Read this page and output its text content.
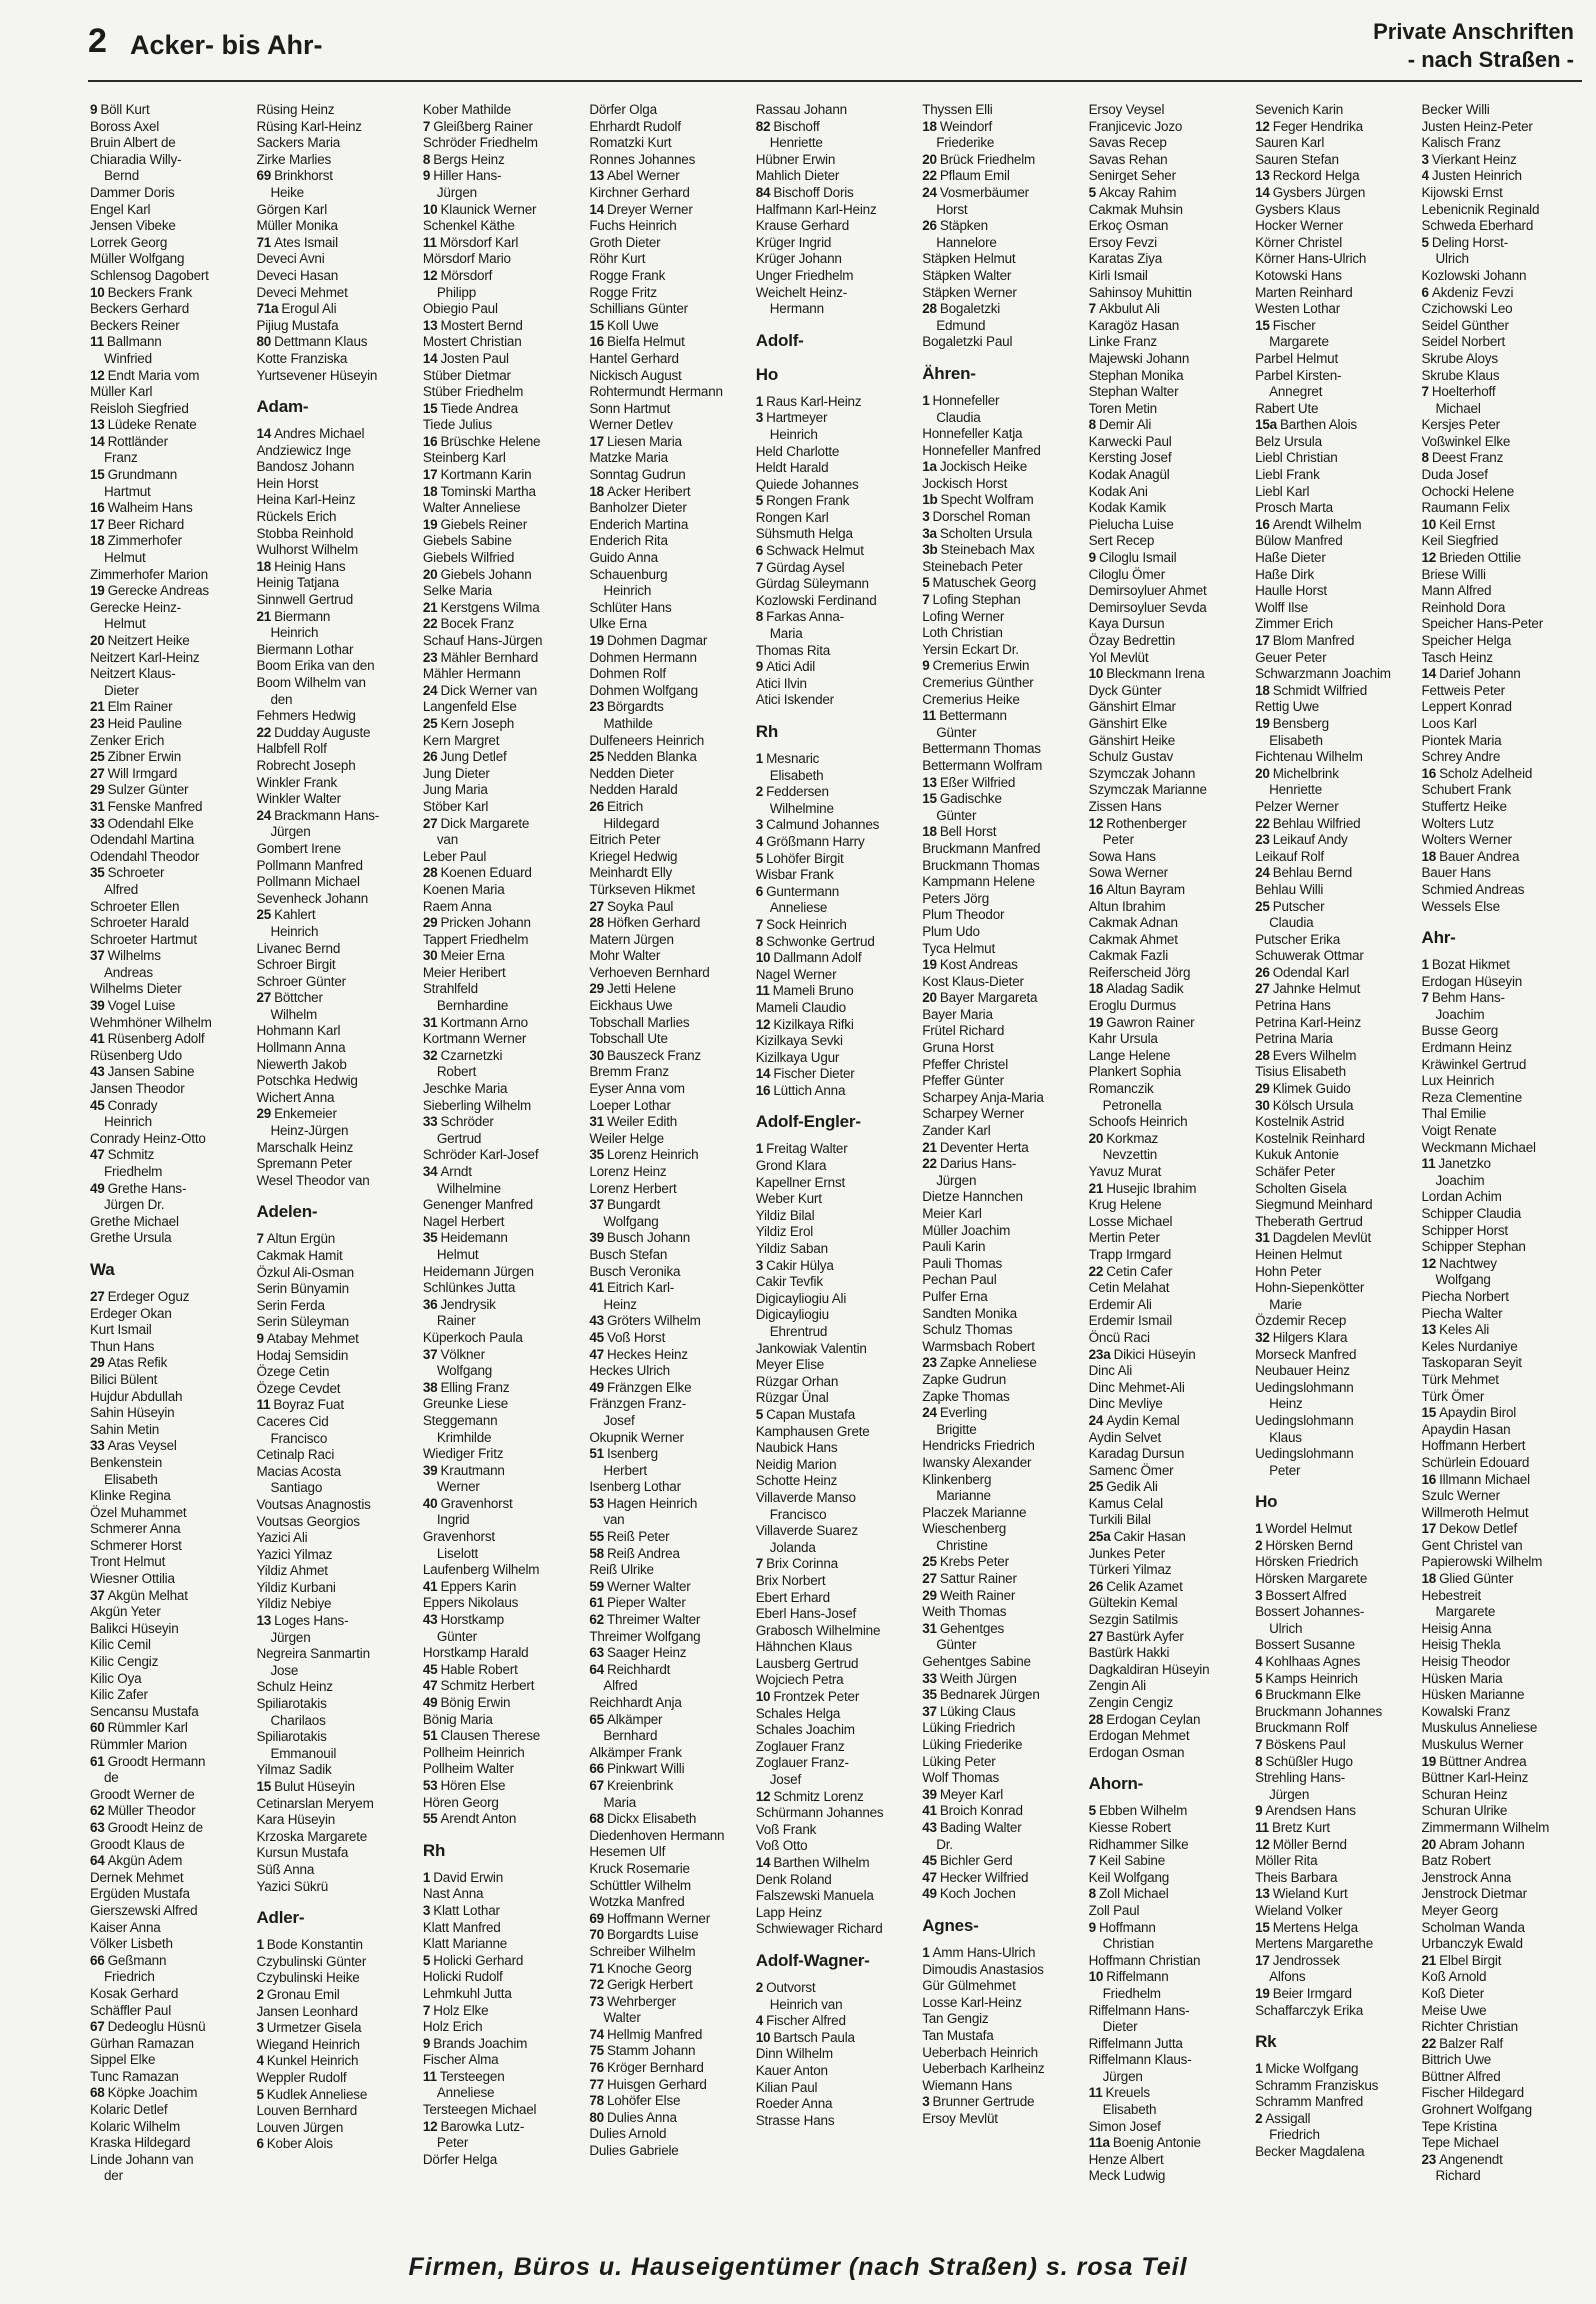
2 Acker- bis Ahr-	Private Anschriften
- nach Straßen -
9 Böll Kurt
Boross Axel
Bruin Albert de
Chiaradia Willy-
Bernd
Dammer Doris
Engel Karl
Jensen Vibeke
Lorrek Georg
Müller Wolfgang
Schlensog Dagobert
10 Beckers Frank
Beckers Gerhard
Beckers Reiner
11 Ballmann
Winfried
12 Endt Maria vom
Müller Karl
Reisloh Siegfried
13 Lüdeke Renate
14 Rottländer
Franz
15 Grundmann
Hartmut
16 Walheim Hans
17 Beer Richard
18 Zimmerhofer
Helmut
Zimmerhofer Marion
19 Gerecke Andreas
Gerecke Heinz-
Helmut
20 Neitzert Heike
Neitzert Karl-Heinz
Neitzert Klaus-
Dieter
21 Elm Rainer
23 Heid Pauline
Zenker Erich
25 Zibner Erwin
27 Will Irmgard
29 Sulzer Günter
31 Fenske Manfred
33 Odendahl Elke
Odendahl Martina
Odendahl Theodor
35 Schroeter
Alfred
Schroeter Ellen
Schroeter Harald
Schroeter Hartmut
37 Wilhelms
Andreas
Wilhelms Dieter
39 Vogel Luise
Wehmhöner Wilhelm
41 Rüsenberg Adolf
Rüsenberg Udo
43 Jansen Sabine
Jansen Theodor
45 Conrady
Heinrich
Conrady Heinz-Otto
47 Schmitz
Friedhelm
49 Grethe Hans-
Jürgen Dr.
Grethe Michael
Grethe Ursula
Wa
27 Erdeger Oguz
Erdeger Okan
Kurt Ismail
Thun Hans
29 Atas Refik
Bilici Bülent
Hujdur Abdullah
Sahin Hüseyin
Sahin Metin
33 Aras Veysel
Benkenstein
Elisabeth
Klinke Regina
Özel Muhammet
Schmerer Anna
Schmerer Horst
Tront Helmut
Wiesner Ottilia
37 Akgün Melhat
Akgün Yeter
Balikci Hüseyin
Kilic Cemil
Kilic Cengiz
Kilic Oya
Kilic Zafer
Sencansu Mustafa
60 Rümmler Karl
Rümmler Marion
61 Groodt Hermann
de
Groodt Werner de
62 Müller Theodor
63 Groodt Heinz de
Groodt Klaus de
64 Akgün Adem
Dernek Mehmet
Ergüden Mustafa
Gierszewski Alfred
Kaiser Anna
Völker Lisbeth
66 Geßmann
Friedrich
Kosak Gerhard
Schäffler Paul
67 Dedeoglu Hüsnü
Gürhan Ramazan
Sippel Elke
Tunc Ramazan
68 Köpke Joachim
Kolaric Detlef
Kolaric Wilhelm
Kraska Hildegard
Linde Johann van
der
Rüsing Heinz
Rüsing Karl-Heinz
Sackers Maria
Zirke Marlies
69 Brinkhorst
Heike
Görgen Karl
Müller Monika
71 Ates Ismail
Deveci Avni
Deveci Hasan
Deveci Mehmet
71a Erogul Ali
Pijiug Mustafa
80 Dettmann Klaus
Kotte Franziska
Yurtsevener Hüseyin
Adam-
14 Andres Michael
Andziewicz Inge
Bandosz Johann
Hein Horst
Heina Karl-Heinz
Rückels Erich
Stobba Reinhold
Wulhorst Wilhelm
18 Heinig Hans
Heinig Tatjana
Sinnwell Gertrud
21 Biermann
Heinrich
Biermann Lothar
Boom Erika van den
Boom Wilhelm van
den
Fehmers Hedwig
22 Dudday Auguste
Halbfell Rolf
Robrecht Joseph
Winkler Frank
Winkler Walter
24 Brackmann Hans-
Jürgen
Gombert Irene
Pollmann Manfred
Pollmann Michael
Sevenheck Johann
25 Kahlert
Heinrich
Livanec Bernd
Schroer Birgit
Schroer Günter
27 Böttcher
Wilhelm
Hohmann Karl
Hollmann Anna
Niewerth Jakob
Potschka Hedwig
Wichert Anna
29 Enkemeier
Heinz-Jürgen
Marschalk Heinz
Spremann Peter
Wesel Theodor van
Adelen-
7 Altun Ergün
Cakmak Hamit
Özkul Ali-Osman
Serin Bünyamin
Serin Ferda
Serin Süleyman
9 Atabay Mehmet
Hodaj Semsidin
Özege Cetin
Özege Cevdet
11 Boyraz Fuat
Caceres Cid
Francisco
Cetinalp Raci
Macias Acosta
Santiago
Voutsas Anagnostis
Voutsas Georgios
Yazici Ali
Yazici Yilmaz
Yildiz Ahmet
Yildiz Kurbani
Yildiz Nebiye
13 Loges Hans-
Jürgen
Negreira Sanmartin
Jose
Schulz Heinz
Spiliarotakis
Charilaos
Spiliarotakis
Emmanouil
Yilmaz Sadik
15 Bulut Hüseyin
Cetinarslan Meryem
Kara Hüseyin
Krzoska Margarete
Kursun Mustafa
Süß Anna
Yazici Sükrü
Adler-
1 Bode Konstantin
Czybulinski Günter
Czybulinski Heike
2 Gronau Emil
Jansen Leonhard
3 Urmetzer Gisela
Wiegand Heinrich
4 Kunkel Heinrich
Weppler Rudolf
5 Kudlek Anneliese
Louven Bernhard
Louven Jürgen
6 Kober Alois
Kober Mathilde
7 Gleißberg Rainer
Schröder Friedhelm
8 Bergs Heinz
9 Hiller Hans-
Jürgen
10 Klaunick Werner
Schenkel Käthe
11 Mörsdorf Karl
Mörsdorf Mario
12 Mörsdorf
Philipp
Obiegio Paul
13 Mostert Bernd
Mostert Christian
14 Josten Paul
Stüber Dietmar
Stüber Friedhelm
15 Tiede Andrea
Tiede Julius
16 Brüschke Helene
Steinberg Karl
17 Kortmann Karin
18 Tominski Martha
Walter Anneliese
19 Giebels Reiner
Giebels Sabine
Giebels Wilfried
20 Giebels Johann
Selke Maria
21 Kerstgens Wilma
22 Bocek Franz
Schauf Hans-Jürgen
23 Mähler Bernhard
Mähler Hermann
24 Dick Werner van
Langenfeld Else
25 Kern Joseph
Kern Margret
26 Jung Detlef
Jung Dieter
Jung Maria
Stöber Karl
27 Dick Margarete
van
Leber Paul
28 Koenen Eduard
Koenen Maria
Raem Anna
29 Pricken Johann
Tappert Friedhelm
30 Meier Erna
Meier Heribert
Strahlfeld
Bernhardine
31 Kortmann Arno
Kortmann Werner
32 Czarnetzki
Robert
Jeschke Maria
Sieberling Wilhelm
33 Schröder
Gertrud
Schröder Karl-Josef
34 Arndt
Wilhelmine
Genenger Manfred
Nagel Herbert
35 Heidemann
Helmut
Heidemann Jürgen
Schlünkes Jutta
36 Jendrysik
Rainer
Küperkoch Paula
37 Völkner
Wolfgang
38 Elling Franz
Greunke Liese
Steggemann
Krimhilde
Wiediger Fritz
39 Krautmann
Werner
40 Gravenhorst
Ingrid
Gravenhorst
Liselott
Laufenberg Wilhelm
41 Eppers Karin
Eppers Nikolaus
43 Horstkamp
Günter
Horstkamp Harald
45 Hable Robert
47 Schmitz Herbert
49 Bönig Erwin
Bönig Maria
51 Clausen Therese
Pollheim Heinrich
Pollheim Walter
53 Hören Else
Hören Georg
55 Arendt Anton
Rh
1 David Erwin
Nast Anna
3 Klatt Lothar
Klatt Manfred
Klatt Marianne
5 Holicki Gerhard
Holicki Rudolf
Lehmkuhl Jutta
7 Holz Elke
Holz Erich
9 Brands Joachim
Fischer Alma
11 Tersteegen
Anneliese
Tersteegen Michael
12 Barowka Lutz-
Peter
Dörfer Helga
Dörfer Olga
Ehrhardt Rudolf
Romatzki Kurt
Ronnes Johannes
13 Abel Werner
Kirchner Gerhard
14 Dreyer Werner
Fuchs Heinrich
Groth Dieter
Röhr Kurt
Rogge Frank
Rogge Fritz
Schillians Günter
15 Koll Uwe
16 Bielfa Helmut
Hantel Gerhard
Nickisch August
Rohtermundt Hermann
Sonn Hartmut
Werner Detlev
17 Liesen Maria
Matzke Maria
Sonntag Gudrun
18 Acker Heribert
Banholzer Dieter
Enderich Martina
Enderich Rita
Guido Anna
Schauenburg
Heinrich
Schlüter Hans
Ulke Erna
19 Dohmen Dagmar
Dohmen Hermann
Dohmen Rolf
Dohmen Wolfgang
23 Börgardts
Mathilde
Dulfeneers Heinrich
25 Nedden Blanka
Nedden Dieter
Nedden Harald
26 Eitrich
Hildegard
Eitrich Peter
Kriegel Hedwig
Meinhardt Elly
Türkseven Hikmet
27 Soyka Paul
28 Höfken Gerhard
Matern Jürgen
Mohr Walter
Verhoeven Bernhard
29 Jetti Helene
Eickhaus Uwe
Tobschall Marlies
Tobschall Ute
30 Bauszeck Franz
Bremm Franz
Eyser Anna vom
Loeper Lothar
31 Weiler Edith
Weiler Helge
35 Lorenz Heinrich
Lorenz Heinz
Lorenz Herbert
37 Bungardt
Wolfgang
39 Busch Johann
Busch Stefan
Busch Veronika
41 Eitrich Karl-
Heinz
43 Gröters Wilhelm
45 Voß Horst
47 Heckes Heinz
Heckes Ulrich
49 Fränzgen Elke
Fränzgen Franz-
Josef
Okupnik Werner
51 Isenberg
Herbert
Isenberg Lothar
53 Hagen Heinrich
van
55 Reiß Peter
58 Reiß Andrea
Reiß Ulrike
59 Werner Walter
61 Pieper Walter
62 Threimer Walter
Threimer Wolfgang
63 Saager Heinz
64 Reichhardt
Alfred
Reichhardt Anja
65 Alkämper
Bernhard
Alkämper Frank
66 Pinkwart Willi
67 Kreienbrink
Maria
68 Dickx Elisabeth
Diedenhoven Hermann
Hesemen Ulf
Kruck Rosemarie
Schüttler Wilhelm
Wotzka Manfred
69 Hoffmann Werner
70 Borgardts Luise
Schreiber Wilhelm
71 Knoche Georg
72 Gerigk Herbert
73 Wehrberger
Walter
74 Hellmig Manfred
75 Stamm Johann
76 Kröger Bernhard
77 Huisgen Gerhard
78 Lohöfer Else
80 Dulies Anna
Dulies Arnold
Dulies Gabriele
Rassau Johann
82 Bischoff
Henriette
Hübner Erwin
Mahlich Dieter
84 Bischoff Doris
Halfmann Karl-Heinz
Krause Gerhard
Krüger Ingrid
Krüger Johann
Unger Friedhelm
Weichelt Heinz-
Hermann
Adolf-
Ho
1 Raus Karl-Heinz
3 Hartmeyer
Heinrich
Held Charlotte
Heldt Harald
Quiede Johannes
5 Rongen Frank
Rongen Karl
Sühsmuth Helga
6 Schwack Helmut
7 Gürdag Aysel
Gürdag Süleymann
Kozlowski Ferdinand
8 Farkas Anna-
Maria
Thomas Rita
9 Atici Adil
Atici Ilvin
Atici Iskender
Rh
1 Mesnaric
Elisabeth
2 Feddersen
Wilhelmine
3 Calmund Johannes
4 Größmann Harry
5 Lohöfer Birgit
Wisbar Frank
6 Guntermann
Anneliese
7 Sock Heinrich
8 Schwonke Gertrud
10 Dallmann Adolf
Nagel Werner
11 Mameli Bruno
Mameli Claudio
12 Kizilkaya Rifki
Kizilkaya Sevki
Kizilkaya Ugur
14 Fischer Dieter
16 Lüttich Anna
Adolf-Engler-
1 Freitag Walter
Grond Klara
Kapellner Ernst
Weber Kurt
Yildiz Bilal
Yildiz Erol
Yildiz Saban
3 Cakir Hülya
Cakir Tevfik
Digicayliogiu Ali
Digicayliogiu
Ehrentrud
Jankowiak Valentin
Meyer Elise
Rüzgar Orhan
Rüzgar Ünal
5 Capan Mustafa
Kamphausen Grete
Naubick Hans
Neidig Marion
Schotte Heinz
Villaverde Manso
Francisco
Villaverde Suarez
Jolanda
7 Brix Corinna
Brix Norbert
Ebert Erhard
Eberl Hans-Josef
Grabosch Wilhelmine
Hähnchen Klaus
Lausberg Gertrud
Wojciech Petra
10 Frontzek Peter
Schales Helga
Schales Joachim
Zoglauer Franz
Zoglauer Franz-
Josef
12 Schmitz Lorenz
Schürmann Johannes
Voß Frank
Voß Otto
14 Barthen Wilhelm
Denk Roland
Falszewski Manuela
Lapp Heinz
Schwiewager Richard
Adolf-Wagner-
2 Outvorst
Heinrich van
4 Fischer Alfred
10 Bartsch Paula
Dinn Wilhelm
Kauer Anton
Kilian Paul
Roeder Anna
Strasse Hans
Thyssen Elli
18 Weindorf
Friederike
20 Brück Friedhelm
22 Pflaum Emil
24 Vosmerbäumer
Horst
26 Stäpken
Hannelore
Stäpken Helmut
Stäpken Walter
Stäpken Werner
28 Bogaletzki
Edmund
Bogaletzki Paul
Ähren-
1 Honnefeller
Claudia
Honnefeller Katja
Honnefeller Manfred
1a Jockisch Heike
Jockisch Horst
1b Specht Wolfram
3 Dorschel Roman
3a Scholten Ursula
3b Steinebach Max
Steinebach Peter
5 Matuschek Georg
7 Lofing Stephan
Lofing Werner
Loth Christian
Yersin Eckart Dr.
9 Cremerius Erwin
Cremerius Günther
Cremerius Heike
11 Bettermann
Günter
Bettermann Thomas
Bettermann Wolfram
13 Eßer Wilfried
15 Gadischke
Günter
18 Bell Horst
Bruckmann Manfred
Bruckmann Thomas
Kampmann Helene
Peters Jörg
Plum Theodor
Plum Udo
Tyca Helmut
19 Kost Andreas
Kost Klaus-Dieter
20 Bayer Margareta
Bayer Maria
Frütel Richard
Gruna Horst
Pfeffer Christel
Pfeffer Günter
Scharpey Anja-Maria
Scharpey Werner
Zander Karl
21 Deventer Herta
22 Darius Hans-
Jürgen
Dietze Hannchen
Meier Karl
Müller Joachim
Pauli Karin
Pauli Thomas
Pechan Paul
Pulfer Erna
Sandten Monika
Schulz Thomas
Warmsbach Robert
23 Zapke Anneliese
Zapke Gudrun
Zapke Thomas
24 Everling
Brigitte
Hendricks Friedrich
Iwansky Alexander
Klinkenberg
Marianne
Placzek Marianne
Wieschenberg
Christine
25 Krebs Peter
27 Sattur Rainer
29 Weith Rainer
Weith Thomas
31 Gehentges
Günter
Gehentges Sabine
33 Weith Jürgen
35 Bednarek Jürgen
37 Lüking Claus
Lüking Friedrich
Lüking Friederike
Lüking Peter
Wolf Thomas
39 Meyer Karl
41 Broich Konrad
43 Bading Walter
Dr.
45 Bichler Gerd
47 Hecker Wilfried
49 Koch Jochen
Agnes-
1 Amm Hans-Ulrich
Dimoudis Anastasios
Gür Gülmehmet
Losse Karl-Heinz
Tan Gengiz
Tan Mustafa
Ueberbach Heinrich
Ueberbach Karlheinz
Wiemann Hans
3 Brunner Gertrude
Ersoy Mevlüt
Ersoy Veysel
Franjicevic Jozo
Savas Recep
Savas Rehan
Senirget Seher
5 Akcay Rahim
Cakmak Muhsin
Erkoç Osman
Ersoy Fevzi
Karatas Ziya
Kirli Ismail
Sahinsoy Muhittin
7 Akbulut Ali
Karagöz Hasan
Linke Franz
Majewski Johann
Stephan Monika
Stephan Walter
Toren Metin
8 Demir Ali
Karwecki Paul
Kersting Josef
Kodak Anagül
Kodak Ani
Kodak Kamik
Pielucha Luise
Sert Recep
9 Ciloglu Ismail
Ciloglu Ömer
Demirsoyluer Ahmet
Demirsoyluer Sevda
Kaya Dursun
Özay Bedrettin
Yol Mevlüt
10 Bleckmann Irena
Dyck Günter
Gänshirt Elmar
Gänshirt Elke
Gänshirt Heike
Schulz Gustav
Szymczak Johann
Szymczak Marianne
Zissen Hans
12 Rothenberger
Peter
Sowa Hans
Sowa Werner
16 Altun Bayram
Altun Ibrahim
Cakmak Adnan
Cakmak Ahmet
Cakmak Fazli
Reiferscheid Jörg
18 Aladag Sadik
Eroglu Durmus
19 Gawron Rainer
Kahr Ursula
Lange Helene
Plankert Sophia
Romanczik
Petronella
Schoofs Heinrich
20 Korkmaz
Nevzettin
Yavuz Murat
21 Husejic Ibrahim
Krug Helene
Losse Michael
Mertin Peter
Trapp Irmgard
22 Cetin Cafer
Cetin Melahat
Erdemir Ali
Erdemir Ismail
Öncü Raci
23a Dikici Hüseyin
Dinc Ali
Dinc Mehmet-Ali
Dinc Mevliye
24 Aydin Kemal
Aydin Selvet
Karadag Dursun
Samenc Ömer
25 Gedik Ali
Kamus Celal
Turkili Bilal
25a Cakir Hasan
Junkes Peter
Türkeri Yilmaz
26 Celik Azamet
Gültekin Kemal
Sezgin Satilmis
27 Bastürk Ayfer
Bastürk Hakki
Dagkaldiran Hüseyin
Zengin Ali
Zengin Cengiz
28 Erdogan Ceylan
Erdogan Mehmet
Erdogan Osman
Ahorn-
5 Ebben Wilhelm
Kiesse Robert
Ridhammer Silke
7 Keil Sabine
Keil Wolfgang
8 Zoll Michael
Zoll Paul
9 Hoffmann
Christian
Hoffmann Christian
10 Riffelmann
Friedhelm
Riffelmann Hans-
Dieter
Riffelmann Jutta
Riffelmann Klaus-
Jürgen
11 Kreuels
Elisabeth
Simon Josef
11a Boenig Antonie
Henze Albert
Meck Ludwig
Sevenich Karin
12 Feger Hendrika
Sauren Karl
Sauren Stefan
13 Reckord Helga
14 Gysbers Jürgen
Gysbers Klaus
Hocker Werner
Körner Christel
Körner Hans-Ulrich
Kotowski Hans
Marten Reinhard
Westen Lothar
15 Fischer
Margarete
Parbel Helmut
Parbel Kirsten-
Annegret
Rabert Ute
15a Barthen Alois
Belz Ursula
Liebl Christian
Liebl Frank
Liebl Karl
Prosch Marta
16 Arendt Wilhelm
Bülow Manfred
Haße Dieter
Haße Dirk
Haulle Horst
Wolff Ilse
Zimmer Erich
17 Blom Manfred
Geuer Peter
Schwarzmann Joachim
18 Schmidt Wilfried
Rettig Uwe
19 Bensberg
Elisabeth
Fichtenau Wilhelm
20 Michelbrink
Henriette
Pelzer Werner
22 Behlau Wilfried
23 Leikauf Andy
Leikauf Rolf
24 Behlau Bernd
Behlau Willi
25 Putscher
Claudia
Putscher Erika
Schuwerak Ottmar
26 Odendal Karl
27 Jahnke Helmut
Petrina Hans
Petrina Karl-Heinz
Petrina Maria
28 Evers Wilhelm
Tisius Elisabeth
29 Klimek Guido
30 Kölsch Ursula
Kostelnik Astrid
Kostelnik Reinhard
Kukuk Antonie
Schäfer Peter
Scholten Gisela
Siegmund Meinhard
Theberath Gertrud
31 Dagdelen Mevlüt
Heinen Helmut
Hohn Peter
Hohn-Siepenkötter
Marie
Özdemir Recep
32 Hilgers Klara
Morseck Manfred
Neubauer Heinz
Uedingslohmann
Heinz
Uedingslohmann
Klaus
Uedingslohmann
Peter
Ho
1 Wordel Helmut
2 Hörsken Bernd
Hörsken Friedrich
Hörsken Margarete
3 Bossert Alfred
Bossert Johannes-
Ulrich
Bossert Susanne
4 Kohlhaas Agnes
5 Kamps Heinrich
6 Bruckmann Elke
Bruckmann Johannes
Bruckmann Rolf
7 Böskens Paul
8 Schüßler Hugo
Strehling Hans-
Jürgen
9 Arendsen Hans
11 Bretz Kurt
12 Möller Bernd
Möller Rita
Theis Barbara
13 Wieland Kurt
Wieland Volker
15 Mertens Helga
Mertens Margarethe
17 Jendrossek
Alfons
19 Beier Irmgard
Schaffarczyk Erika
Rk
1 Micke Wolfgang
Schramm Franziskus
Schramm Manfred
2 Assigall
Friedrich
Becker Magdalena
Becker Willi
Justen Heinz-Peter
Kalisch Franz
3 Vierkant Heinz
4 Justen Heinrich
Kijowski Ernst
Lebenicnik Reginald
Schweda Eberhard
5 Deling Horst-
Ulrich
Kozlowski Johann
6 Akdeniz Fevzi
Czichowski Leo
Seidel Günther
Seidel Norbert
Skrube Aloys
Skrube Klaus
7 Hoelterhoff
Michael
Kersjes Peter
Voßwinkel Elke
8 Deest Franz
Duda Josef
Ochocki Helene
Raumann Felix
10 Keil Ernst
Keil Siegfried
12 Brieden Ottilie
Briese Willi
Mann Alfred
Reinhold Dora
Speicher Hans-Peter
Speicher Helga
Tasch Heinz
14 Darief Johann
Fettweis Peter
Leppert Konrad
Loos Karl
Piontek Maria
Schrey Andre
16 Scholz Adelheid
Schubert Frank
Stuffertz Heike
Wolters Lutz
Wolters Werner
18 Bauer Andrea
Bauer Hans
Schmied Andreas
Wessels Else
Ahr-
1 Bozat Hikmet
Erdogan Hüseyin
7 Behm Hans-
Joachim
Busse Georg
Erdmann Heinz
Kräwinkel Gertrud
Lux Heinrich
Reza Clementine
Thal Emilie
Voigt Renate
Weckmann Michael
11 Janetzko
Joachim
Lordan Achim
Schipper Claudia
Schipper Horst
Schipper Stephan
12 Nachtwey
Wolfgang
Piecha Norbert
Piecha Walter
13 Keles Ali
Keles Nurdaniye
Taskoparan Seyit
Türk Mehmet
Türk Ömer
15 Apaydin Birol
Apaydin Hasan
Hoffmann Herbert
Schürlein Edouard
16 Illmann Michael
Szulc Werner
Willmeroth Helmut
17 Dekow Detlef
Gent Christel van
Papierowski Wilhelm
18 Glied Günter
Hebestreit
Margarete
Heisig Anna
Heisig Thekla
Heisig Theodor
Hüsken Maria
Hüsken Marianne
Kowalski Franz
Muskulus Anneliese
Muskulus Werner
19 Büttner Andrea
Büttner Karl-Heinz
Schuran Heinz
Schuran Ulrike
Zimmermann Wilhelm
20 Abram Johann
Batz Robert
Jenstrock Anna
Jenstrock Dietmar
Meyer Georg
Scholman Wanda
Urbanczyk Ewald
21 Elbel Birgit
Koß Arnold
Koß Dieter
Meise Uwe
Richter Christian
22 Balzer Ralf
Bittrich Uwe
Büttner Alfred
Fischer Hildegard
Grohnert Wolfgang
Tepe Kristina
Tepe Michael
23 Angenendt
Richard
Firmen, Büros u. Hauseigentümer (nach Straßen) s. rosa Teil
